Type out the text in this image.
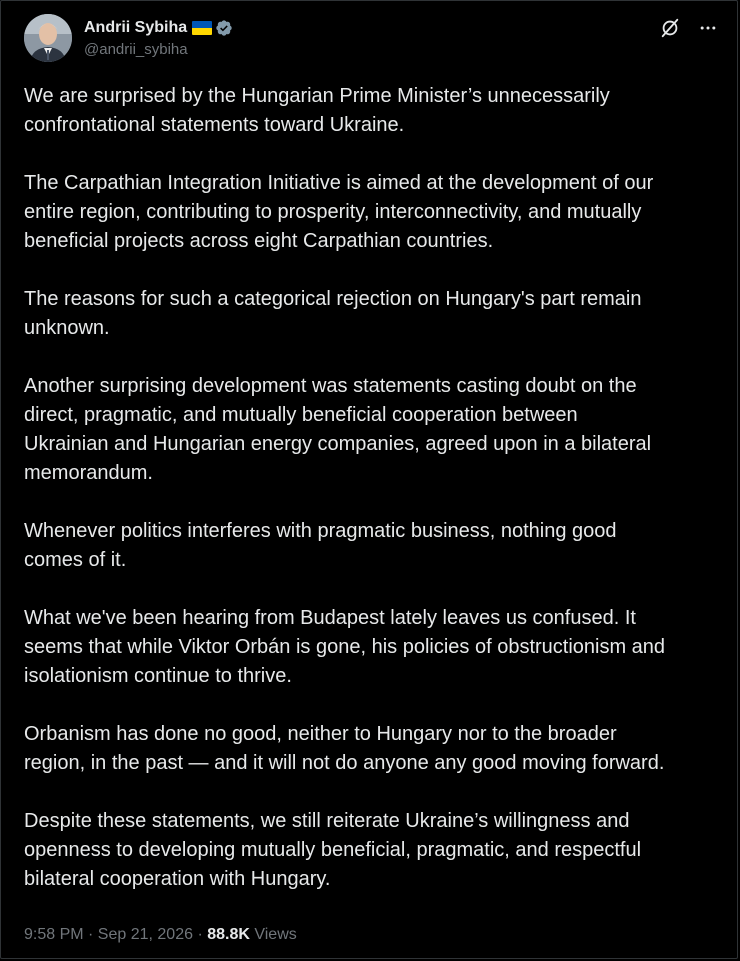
Andrii Sybiha
@andrii_sybiha

We are surprised by the Hungarian Prime Minister’s unnecessarily
confrontational statements toward Ukraine.

The Carpathian Integration Initiative is aimed at the development of our
entire region, contributing to prosperity, interconnectivity, and mutually
beneficial projects across eight Carpathian countries.

The reasons for such a categorical rejection on Hungary's part remain
unknown.

Another surprising development was statements casting doubt on the
direct, pragmatic, and mutually beneficial cooperation between
Ukrainian and Hungarian energy companies, agreed upon in a bilateral
memorandum.

Whenever politics interferes with pragmatic business, nothing good
comes of it.

What we've been hearing from Budapest lately leaves us confused. It
seems that while Viktor Orbán is gone, his policies of obstructionism and
isolationism continue to thrive.

Orbanism has done no good, neither to Hungary nor to the broader
region, in the past — and it will not do anyone any good moving forward.

Despite these statements, we still reiterate Ukraine’s willingness and
openness to developing mutually beneficial, pragmatic, and respectful
bilateral cooperation with Hungary.

9:58 PM · Sep 21, 2026 · 88.8K Views
